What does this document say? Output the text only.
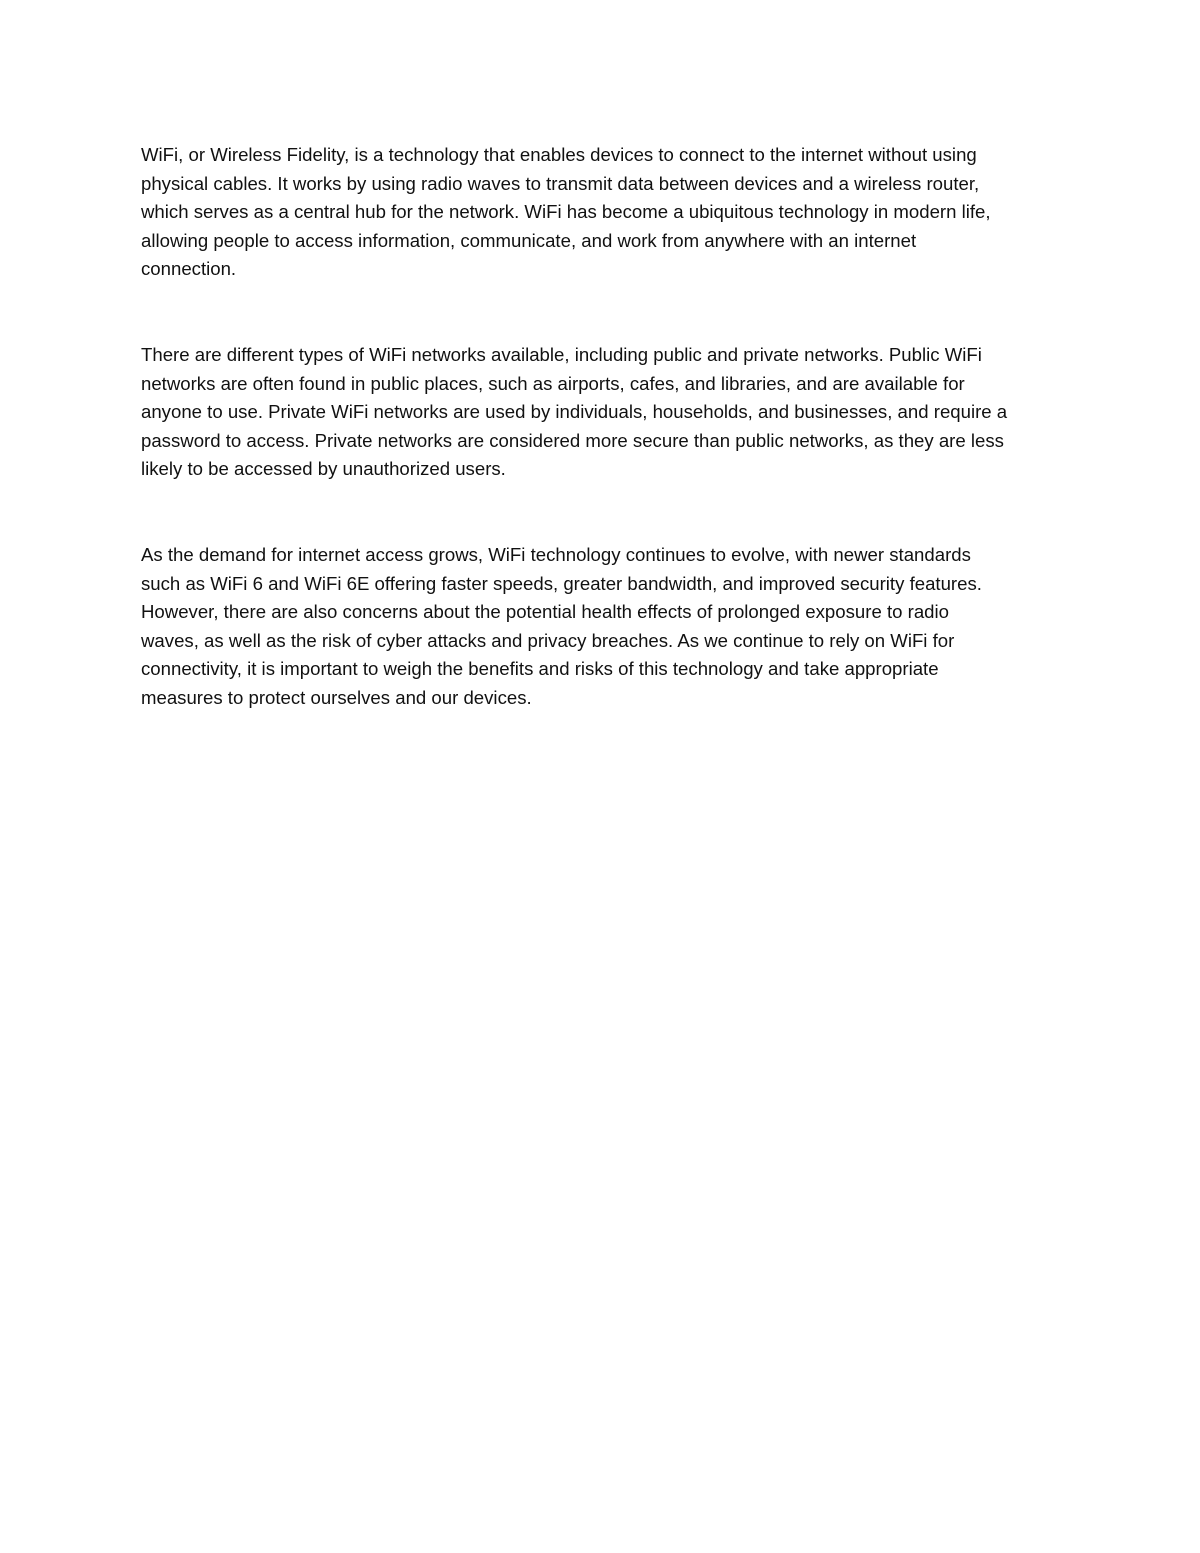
WiFi, or Wireless Fidelity, is a technology that enables devices to connect to the internet without using
physical cables. It works by using radio waves to transmit data between devices and a wireless router,
which serves as a central hub for the network. WiFi has become a ubiquitous technology in modern life,
allowing people to access information, communicate, and work from anywhere with an internet
connection.

There are different types of WiFi networks available, including public and private networks. Public WiFi
networks are often found in public places, such as airports, cafes, and libraries, and are available for
anyone to use. Private WiFi networks are used by individuals, households, and businesses, and require a
password to access. Private networks are considered more secure than public networks, as they are less
likely to be accessed by unauthorized users.

As the demand for internet access grows, WiFi technology continues to evolve, with newer standards
such as WiFi 6 and WiFi 6E offering faster speeds, greater bandwidth, and improved security features.
However, there are also concerns about the potential health effects of prolonged exposure to radio
waves, as well as the risk of cyber attacks and privacy breaches. As we continue to rely on WiFi for
connectivity, it is important to weigh the benefits and risks of this technology and take appropriate
measures to protect ourselves and our devices.
